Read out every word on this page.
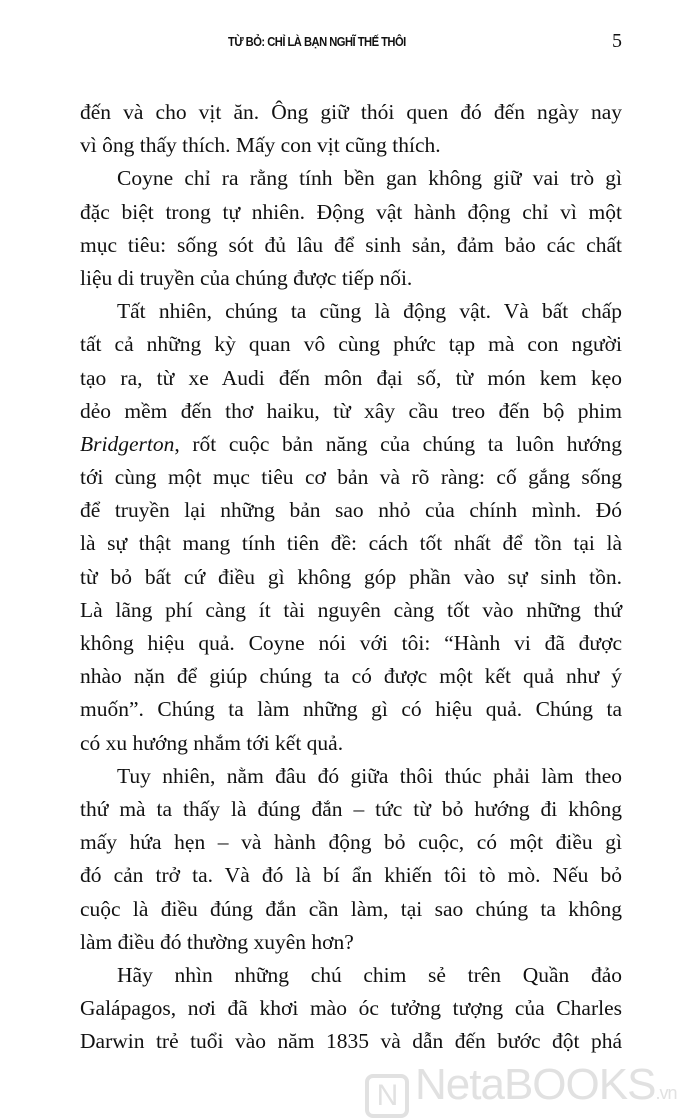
TỪ BỎ: CHỈ LÀ BẠN NGHĨ THẾ THÔI	5
đến và cho vịt ăn. Ông giữ thói quen đó đến ngày nay
vì ông thấy thích. Mấy con vịt cũng thích.
Coyne chỉ ra rằng tính bền gan không giữ vai trò gì
đặc biệt trong tự nhiên. Động vật hành động chỉ vì một
mục tiêu: sống sót đủ lâu để sinh sản, đảm bảo các chất
liệu di truyền của chúng được tiếp nối.
Tất nhiên, chúng ta cũng là động vật. Và bất chấp
tất cả những kỳ quan vô cùng phức tạp mà con người
tạo ra, từ xe Audi đến môn đại số, từ món kem kẹo
dẻo mềm đến thơ haiku, từ xây cầu treo đến bộ phim
Bridgerton, rốt cuộc bản năng của chúng ta luôn hướng
tới cùng một mục tiêu cơ bản và rõ ràng: cố gắng sống
để truyền lại những bản sao nhỏ của chính mình. Đó
là sự thật mang tính tiên đề: cách tốt nhất để tồn tại là
từ bỏ bất cứ điều gì không góp phần vào sự sinh tồn.
Là lãng phí càng ít tài nguyên càng tốt vào những thứ
không hiệu quả. Coyne nói với tôi: “Hành vi đã được
nhào nặn để giúp chúng ta có được một kết quả như ý
muốn”. Chúng ta làm những gì có hiệu quả. Chúng ta
có xu hướng nhắm tới kết quả.
Tuy nhiên, nằm đâu đó giữa thôi thúc phải làm theo
thứ mà ta thấy là đúng đắn – tức từ bỏ hướng đi không
mấy hứa hẹn – và hành động bỏ cuộc, có một điều gì
đó cản trở ta. Và đó là bí ẩn khiến tôi tò mò. Nếu bỏ
cuộc là điều đúng đắn cần làm, tại sao chúng ta không
làm điều đó thường xuyên hơn?
Hãy nhìn những chú chim sẻ trên Quần đảo
Galápagos, nơi đã khơi mào óc tưởng tượng của Charles
Darwin trẻ tuổi vào năm 1835 và dẫn đến bước đột phá
N NetaBOOKS.vn
